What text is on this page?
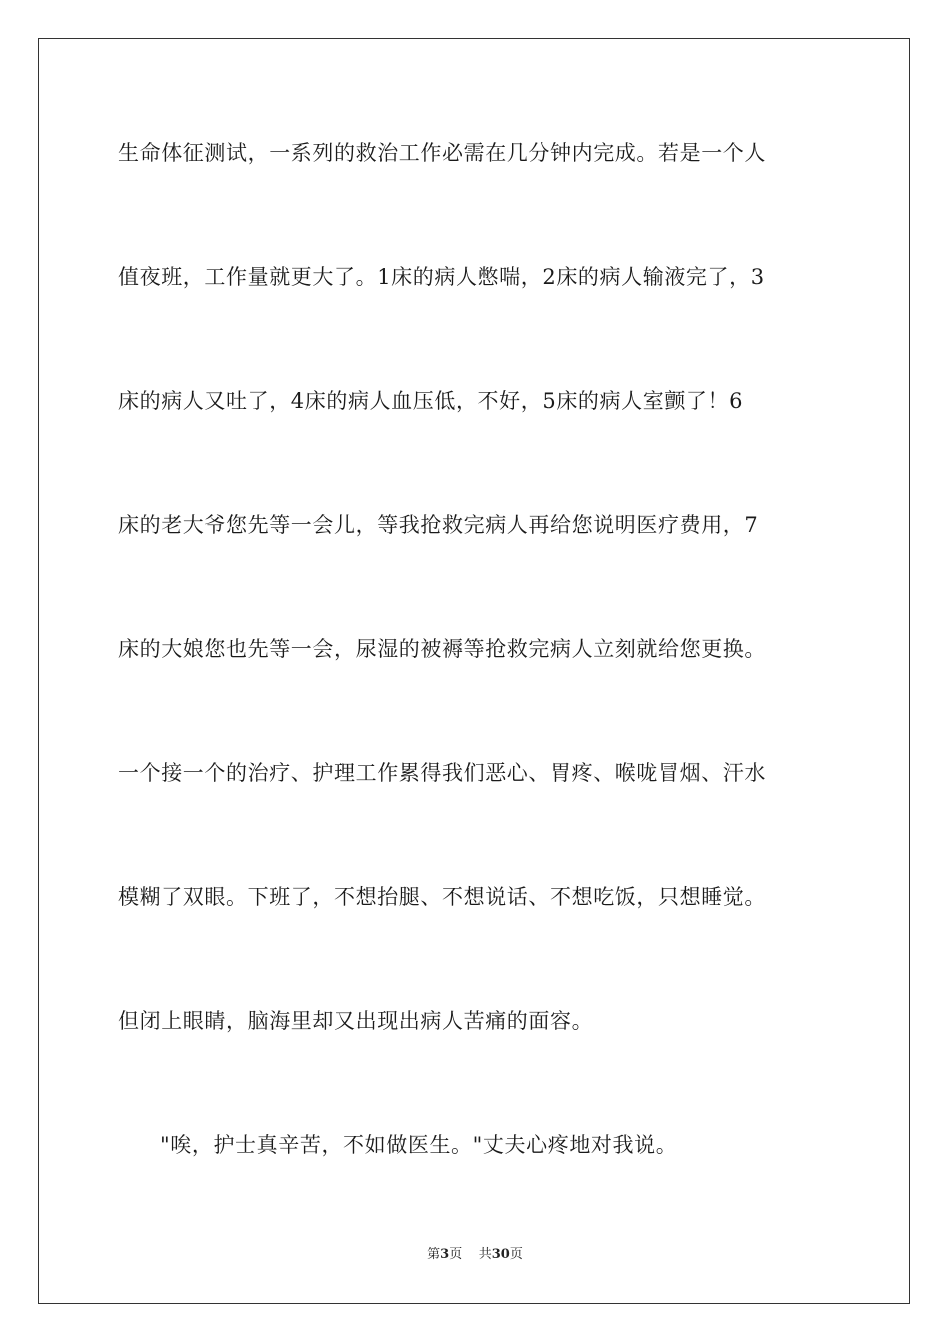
生命体征测试，一系列的救治工作必需在几分钟内完成。若是一个人
值夜班，工作量就更大了。1床的病人憋喘，2床的病人输液完了，3
床的病人又吐了，4床的病人血压低，不好，5床的病人室颤了！6
床的老大爷您先等一会儿，等我抢救完病人再给您说明医疗费用，7
床的大娘您也先等一会，尿湿的被褥等抢救完病人立刻就给您更换。
一个接一个的治疗、护理工作累得我们恶心、胃疼、喉咙冒烟、汗水
模糊了双眼。下班了，不想抬腿、不想说话、不想吃饭，只想睡觉。
但闭上眼睛，脑海里却又出现出病人苦痛的面容。
"唉，护士真辛苦，不如做医生。"丈夫心疼地对我说。
第3页 共30页
